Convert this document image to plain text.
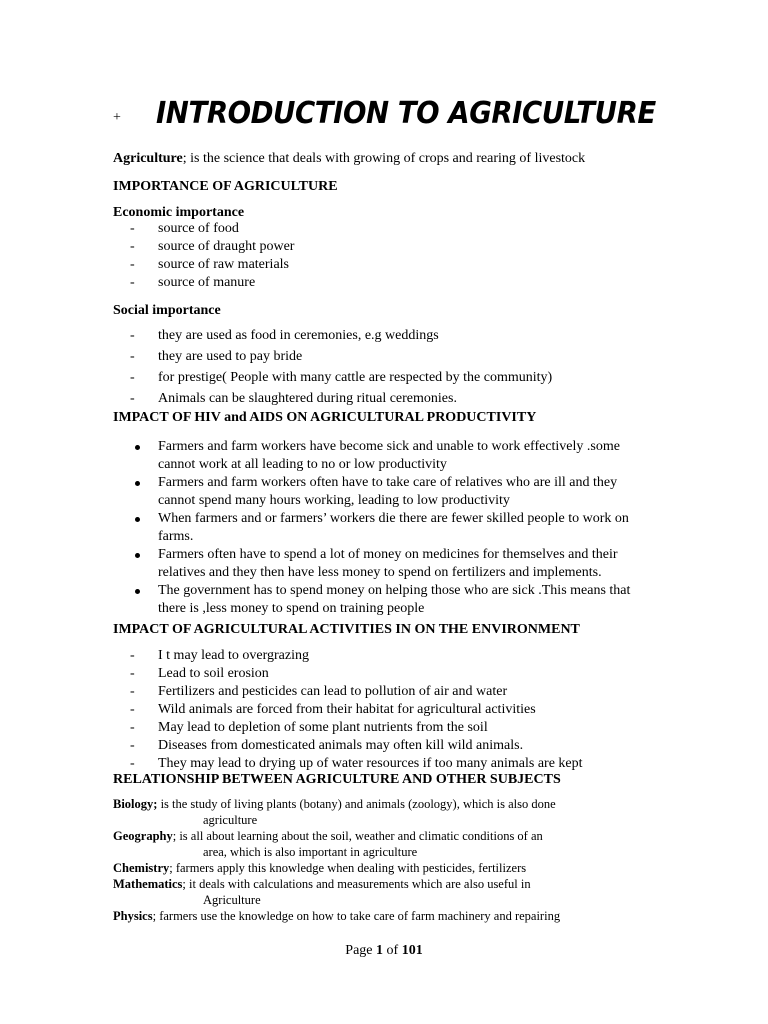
+ INTRODUCTION TO AGRICULTURE
Agriculture; is the science that deals with growing of crops and rearing of livestock
IMPORTANCE OF AGRICULTURE
Economic importance
-	source of food
-	source of draught power
-	source of raw materials
-	source of manure
Social importance
-	they are used as food in ceremonies, e.g weddings
-	they are used to pay bride
-	for prestige( People with many cattle are respected by the community)
-	Animals can be slaughtered during ritual ceremonies.
IMPACT OF HIV and AIDS ON AGRICULTURAL PRODUCTIVITY
Farmers and farm workers have become sick and unable to work effectively .some cannot work at all leading to no or low productivity
Farmers and farm workers often have to take care of relatives who are ill and they cannot spend many hours working, leading to low productivity
When farmers and or farmers’ workers die there are fewer skilled people to work on farms.
Farmers often have to spend a lot of money on medicines for themselves and their relatives and they then have less money to spend on fertilizers and implements.
The government has to spend money on helping those who are sick .This means that there is ,less money to spend on training people
IMPACT OF AGRICULTURAL ACTIVITIES IN ON THE ENVIRONMENT
-	I t may lead to overgrazing
-	Lead to soil erosion
-	Fertilizers and pesticides can lead to pollution of air and water
-	Wild animals are forced from their habitat for agricultural activities
-	May lead to depletion of some plant nutrients from the soil
-	Diseases from domesticated animals may often kill wild animals.
-	They may lead to drying up of water resources if too many animals are kept
RELATIONSHIP BETWEEN AGRICULTURE AND OTHER SUBJECTS
Biology; is the study of living plants (botany) and animals (zoology), which is also done
agriculture
Geography; is all about learning about the soil, weather and climatic conditions of an
area, which is also important in agriculture
Chemistry; farmers apply this knowledge when dealing with pesticides, fertilizers
Mathematics; it deals with calculations and measurements which are also useful in
Agriculture
Physics; farmers use the knowledge on how to take care of farm machinery and repairing
Page 1 of 101
